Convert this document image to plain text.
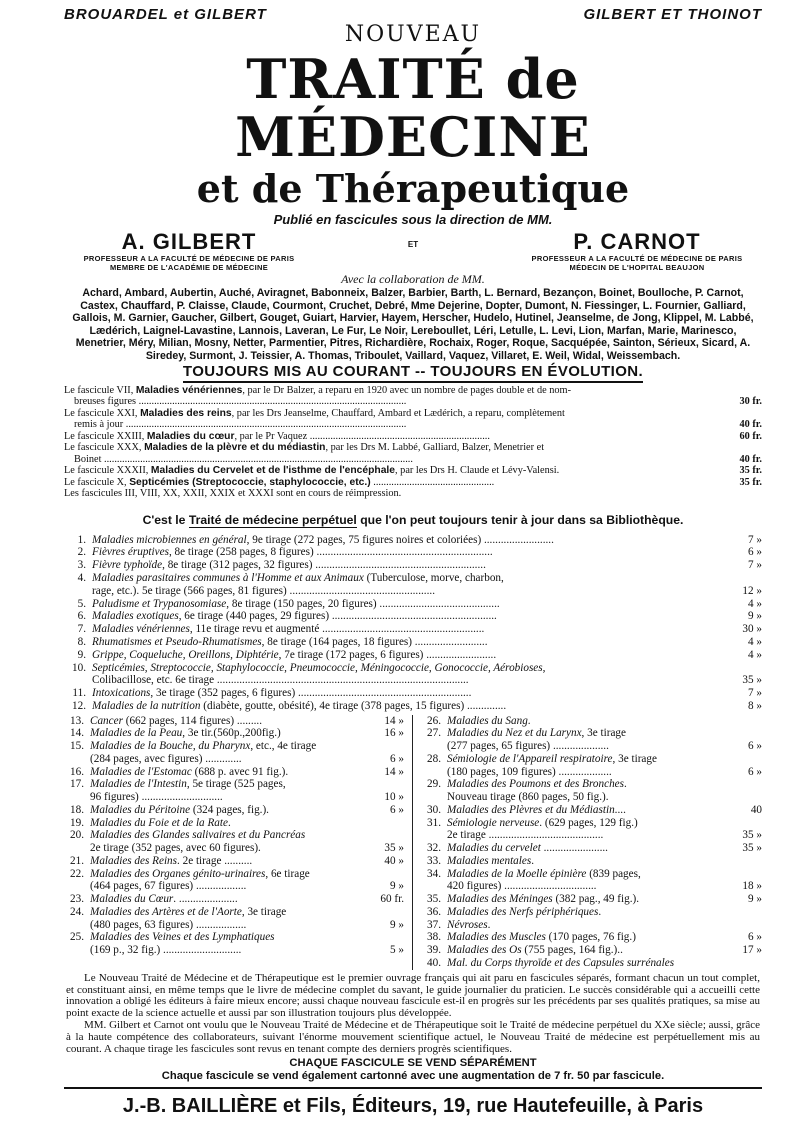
BROUARDEL et GILBERT	GILBERT ET THOINOT
NOUVEAU
TRAITÉ de MÉDECINE
et de Thérapeutique
Publié en fascicules sous la direction de MM.
A. GILBERT
PROFESSEUR A LA FACULTÉ DE MÉDECINE DE PARIS
MEMBRE DE L'ACADÉMIE DE MÉDECINE
ET	P. CARNOT
PROFESSEUR A LA FACULTÉ DE MÉDECINE DE PARIS
MÉDECIN DE L'HOPITAL BEAUJON
Avec la collaboration de MM.
Achard, Ambard, Aubertin, Auché, Aviragnet, Babonneix, Balzer, Barbier, Barth, L. Bernard, Bezançon, Boinet, Boulloche, P. Carnot, Castex, Chauffard, P. Claisse, Claude, Courmont, Cruchet, Debré, Mme Dejerine, Dopter, Dumont, N. Fiessinger, L. Fournier, Galliard, Gallois, M. Garnier, Gaucher, Gilbert, Gouget, Guiart, Harvier, Hayem, Herscher, Hudelo, Hutinel, Jeanselme, de Jong, Klippel, M. Labbé, Lædérich, Laignel-Lavastine, Lannois, Laveran, Le Fur, Le Noir, Lereboullet, Léri, Letulle, L. Levi, Lion, Marfan, Marie, Marinesco, Menetrier, Méry, Milian, Mosny, Netter, Parmentier, Pitres, Richardière, Rochaix, Roger, Roque, Sacquépée, Sainton, Sérieux, Sicard, A. Siredey, Surmont, J. Teissier, A. Thomas, Triboulet, Vaillard, Vaquez, Villaret, E. Weil, Widal, Weissembach.
TOUJOURS MIS AU COURANT -- TOUJOURS EN ÉVOLUTION.
Le fascicule VII, Maladies vénériennes, par le Dr Balzer, a reparu en 1920 avec un nombre de pages double et de nom-
breuses figures ........................................................................................................	30 fr.
Le fascicule XXI, Maladies des reins, par les Drs Jeanselme, Chauffard, Ambard et Lædérich, a reparu, complètement
remis à jour .............................................................................................................	40 fr.
Le fascicule XXIII, Maladies du cœur, par le Pr Vaquez ......................................................................	60 fr.
Le fascicule XXX, Maladies de la plèvre et du médiastin, par les Drs M. Labbé, Galliard, Balzer, Menetrier et
Boinet ........................................................................................................................	40 fr.
Le fascicule XXXII, Maladies du Cervelet et de l'isthme de l'encéphale, par les Drs H. Claude et Lévy-Valensi.	35 fr.
Le fascicule X, Septicémies (Streptococcie, staphylococcie, etc.) ...............................................	35 fr.
Les fascicules III, VIII, XX, XXII, XXIX et XXXI sont en cours de réimpression.
C'est le Traité de médecine perpétuel que l'on peut toujours tenir à jour dans sa Bibliothèque.
1. Maladies microbiennes en général, 9e tirage (272 pages, 75 figures noires et coloriées) .........................	7 »
2. Fièvres éruptives, 8e tirage (258 pages, 8 figures) ...............................................................	6 »
3. Fièvre typhoïde, 8e tirage (312 pages, 32 figures) .............................................................	7 »
4. Maladies parasitaires communes à l'Homme et aux Animaux (Tuberculose, morve, charbon,
rage, etc.). 5e tirage (566 pages, 81 figures) ....................................................	12 »
5. Paludisme et Trypanosomiase, 8e tirage (150 pages, 20 figures) ...........................................	4 »
6. Maladies exotiques, 6e tirage (440 pages, 29 figures) ...........................................................	9 »
7. Maladies vénériennes, 11e tirage revu et augmenté ..........................................................	30 »
8. Rhumatismes et Pseudo-Rhumatismes, 8e tirage (164 pages, 18 figures) ..........................	4 »
9. Grippe, Coqueluche, Oreillons, Diphtérie, 7e tirage (172 pages, 6 figures) .........................	4 »
10. Septicémies, Streptococcie, Staphylococcie, Pneumococcie, Méningococcie, Gonococcie, Aérobioses,
Colibacillose, etc. 6e tirage ..........................................................................................	35 »
11. Intoxications, 3e tirage (352 pages, 6 figures) ..............................................................	7 »
12. Maladies de la nutrition (diabète, goutte, obésité), 4e tirage (378 pages, 15 figures) ..............	8 »
13. Cancer (662 pages, 114 figures) .........	14 »
14. Maladies de la Peau, 3e tir.(560p.,200fig.)	16 »
15. Maladies de la Bouche, du Pharynx, etc., 4e tirage
(284 pages, avec figures) .............	6 »
16. Maladies de l'Estomac (688 p. avec 91 fig.).	14 »
17. Maladies de l'Intestin, 5e tirage (525 pages,
96 figures) .............................	10 »
18. Maladies du Péritoine (324 pages, fig.).	6 »
19. Maladies du Foie et de la Rate.
20. Maladies des Glandes salivaires et du Pancréas
2e tirage (352 pages, avec 60 figures).	35 »
21. Maladies des Reins. 2e tirage ..........	40 »
22. Maladies des Organes génito-urinaires, 6e tirage
(464 pages, 67 figures) ..................	9 »
23. Maladies du Cœur. .....................	60 fr.
24. Maladies des Artères et de l'Aorte, 3e tirage
(480 pages, 63 figures) ..................	9 »
25. Maladies des Veines et des Lymphatiques
(169 p., 32 fig.) ............................	5 »
26. Maladies du Sang.
27. Maladies du Nez et du Larynx, 3e tirage
(277 pages, 65 figures) ....................	6 »
28. Sémiologie de l'Appareil respiratoire, 3e tirage
(180 pages, 109 figures) ...................	6 »
29. Maladies des Poumons et des Bronches.
Nouveau tirage (860 pages, 50 fig.).
30. Maladies des Plèvres et du Médiastin....	40
31. Sémiologie nerveuse. (629 pages, 129 fig.)
2e tirage .........................................	35 »
32. Maladies du cervelet .......................	35 »
33. Maladies mentales.
34. Maladies de la Moelle épinière (839 pages,
420 figures) .................................	18 »
35. Maladies des Méninges (382 pag., 49 fig.).	9 »
36. Maladies des Nerfs périphériques.
37. Névroses.
38. Maladies des Muscles (170 pages, 76 fig.)	6 »
39. Maladies des Os (755 pages, 164 fig.)..	17 »
40. Mal. du Corps thyroïde et des Capsules surrénales

Le Nouveau Traité de Médecine et de Thérapeutique est le premier ouvrage français qui ait paru en fascicules séparés, formant chacun un tout complet, et constituant ainsi, en même temps que le livre de médecine complet du savant, le guide journalier du praticien. Le succès considérable qui a accueilli cette innovation a obligé les éditeurs à faire mieux encore; aussi chaque nouveau fascicule est-il en progrès sur les précédents par ses qualités pratiques, sa mise au point exacte de la science actuelle et aussi par son illustration toujours plus développée.

MM. Gilbert et Carnot ont voulu que le Nouveau Traité de Médecine et de Thérapeutique soit le Traité de médecine perpétuel du XXe siècle; aussi, grâce à la haute compétence des collaborateurs, suivant l'énorme mouvement scientifique actuel, le Nouveau Traité de médecine est perpétuellement mis au courant. A chaque tirage les fascicules sont revus en tenant compte des derniers progrès scientifiques.

CHAQUE FASCICULE SE VEND SÉPARÉMENT
Chaque fascicule se vend également cartonné avec une augmentation de 7 fr. 50 par fascicule.
J.-B. BAILLIÈRE et Fils, Éditeurs, 19, rue Hautefeuille, à Paris
